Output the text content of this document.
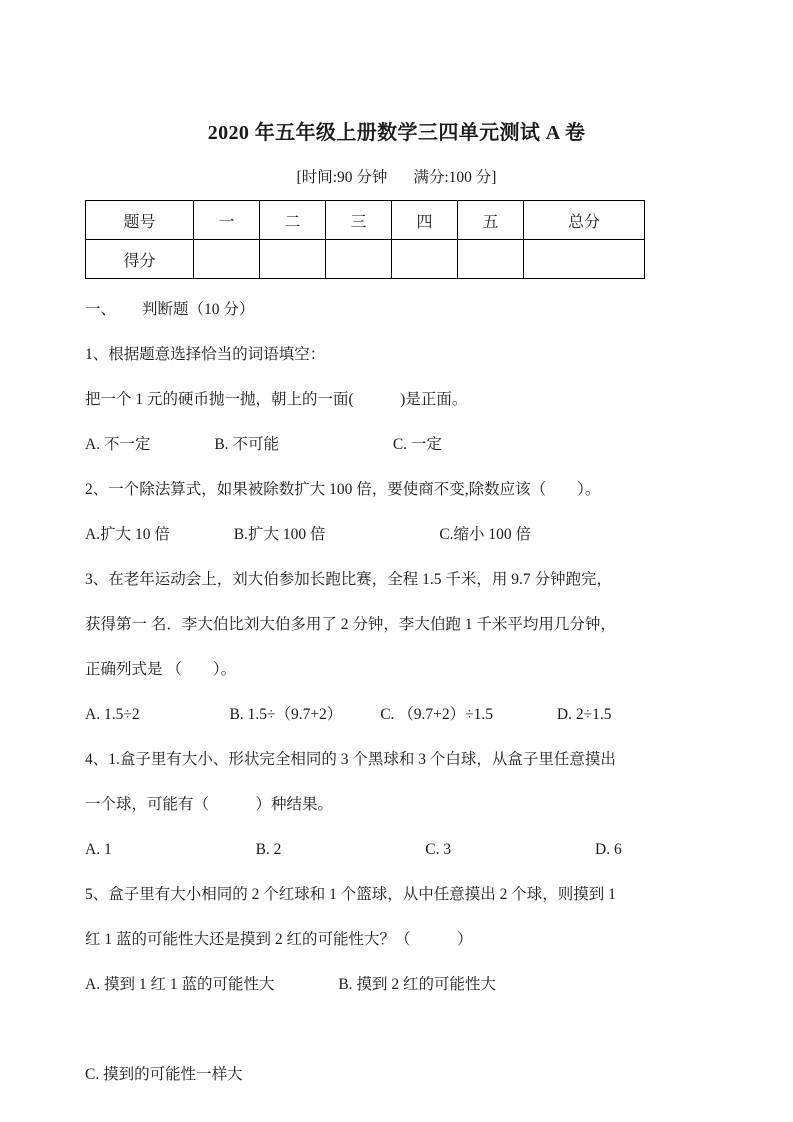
2020 年五年级上册数学三四单元测试 A 卷
[时间:90 分钟 满分:100 分]
题号	一	二	三	四	五	总分
得分						
一、 判断题（10 分）
1、根据题意选择恰当的词语填空：
把一个 1 元的硬币抛一抛，朝上的一面(　　　)是正面。
A. 不一定	B. 不可能	C. 一定
2、一个除法算式，如果被除数扩大 100 倍，要使商不变,除数应该（　　）。
A.扩大 10 倍	B.扩大 100 倍	C.缩小 100 倍
3、在老年运动会上，刘大伯参加长跑比赛，全程 1.5 千米，用 9.7 分钟跑完，
获得第一 名．李大伯比刘大伯多用了 2 分钟，李大伯跑 1 千米平均用几分钟，
正确列式是 （　　）。
A. 1.5÷2	B. 1.5÷（9.7+2） C. （9.7+2）÷1.5	D. 2÷1.5
4、1.盒子里有大小、形状完全相同的 3 个黑球和 3 个白球，从盒子里任意摸出
一个球，可能有（　　　）种结果。
A. 1	B. 2	C. 3	D. 6
5、盒子里有大小相同的 2 个红球和 1 个篮球，从中任意摸出 2 个球，则摸到 1
红 1 蓝的可能性大还是摸到 2 红的可能性大？（　　　）
A. 摸到 1 红 1 蓝的可能性大	B. 摸到 2 红的可能性大

C. 摸到的可能性一样大
